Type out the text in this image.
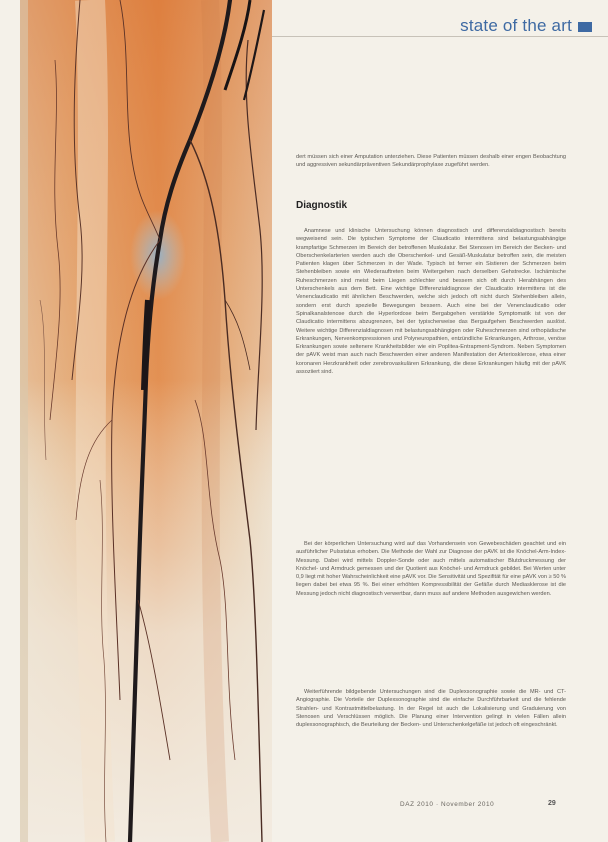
state of the art

dert müssen sich einer Amputation unterziehen. Diese Patienten müssen deshalb einer engen Beobachtung und aggressiven sekundärpräventiven Sekundärprophylaxe zugeführt werden.

Diagnostik

Anamnese und klinische Untersuchung können diagnostisch und differenzialdiagnostisch bereits wegweisend sein. Die typischen Symptome der Claudicatio intermittens sind belastungsabhängige krampfartige Schmerzen im Bereich der betroffenen Muskulatur. Bei Stenosen im Bereich der Becken- und Oberschenkelarterien werden auch die Oberschenkel- und Gesäß-Muskulatur betroffen sein, die meisten Patienten klagen über Schmerzen in der Wade. Typisch ist ferner ein Sistieren der Schmerzen beim Stehenbleiben sowie ein Wiederauftreten beim Weitergehen nach derselben Gehstrecke. Ischämische Ruheschmerzen sind meist beim Liegen schlechter und bessern sich oft durch Herabhängen des Unterschenkels aus dem Bett. Eine wichtige Differenzialdiagnose der Claudicatio intermittens ist die Venenclaudicatio mit ähnlichen Beschwerden, welche sich jedoch oft nicht durch Stehenbleiben allein, sondern erst durch spezielle Bewegungen bessern. Auch eine bei der Venenclaudicatio oder Spinalkanalstenose durch die Hyperlordose beim Bergabgehen verstärkte Symptomatik ist von der Claudicatio intermittens abzugrenzen, bei der typischerweise das Bergaufgehen Beschwerden auslöst. Weitere wichtige Differenzialdiagnosen mit belastungsabhängigen oder Ruheschmerzen sind orthopädische Erkrankungen, Nervenkompressionen und Polyneuropathien, entzündliche Erkrankungen, Arthrose, venöse Erkrankungen sowie seltenere Krankheitsbilder wie ein Poplitea-Entrapment-Syndrom. Neben Symptomen der pAVK weist man auch nach Beschwerden einer anderen Manifestation der Arteriosklerose, etwa einer koronaren Herzkrankheit oder zerebrovaskulären Erkrankung, die diese Erkrankungen häufig mit der pAVK assoziiert sind.

Bei der körperlichen Untersuchung wird auf das Vorhandensein von Gewebeschäden geachtet und ein ausführlicher Pulsstatus erhoben. Die Methode der Wahl zur Diagnose der pAVK ist die Knöchel-Arm-Index-Messung. Dabei wird mittels Doppler-Sonde oder auch mittels automatischer Blutdruckmessung der Knöchel- und Armdruck gemessen und der Quotient aus Knöchel- und Armdruck gebildet. Bei Werten unter 0,9 liegt mit hoher Wahrscheinlichkeit eine pAVK vor. Die Sensitivität und Spezifität für eine pAVK von ≥ 50 % liegen dabei bei etwa 95 %. Bei einer erhöhten Kompressibilität der Gefäße durch Mediasklerose ist die Messung jedoch nicht diagnostisch verwertbar, dann muss auf andere Methoden ausgewichen werden.

Weiterführende bildgebende Untersuchungen sind die Duplexsonographie sowie die MR- und CT-Angiographie. Die Vorteile der Duplexsonographie sind die einfache Durchführbarkeit und die fehlende Strahlen- und Kontrastmittelbelastung. In der Regel ist auch die Lokalisierung und Graduierung von Stenosen und Verschlüssen möglich. Die Planung einer Intervention gelingt in vielen Fällen allein duplexsonographisch, die Beurteilung der Becken- und Unterschenkelgefäße ist jedoch oft eingeschränkt.

DAZ 2010 · November 2010	29
